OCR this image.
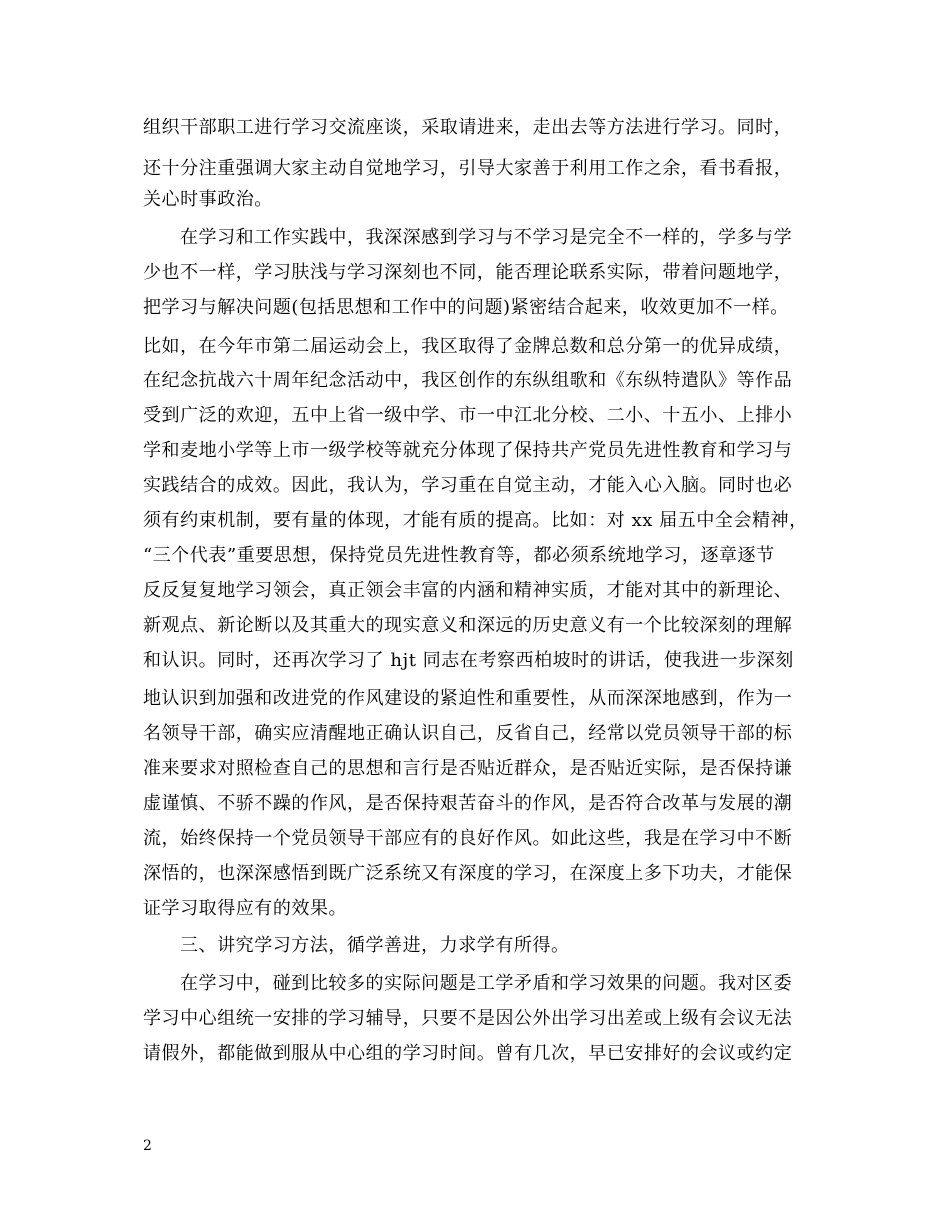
组织干部职工进行学习交流座谈，采取请进来，走出去等方法进行学习。同时，
还十分注重强调大家主动自觉地学习，引导大家善于利用工作之余，看书看报，
关心时事政治。
在学习和工作实践中，我深深感到学习与不学习是完全不一样的，学多与学
少也不一样，学习肤浅与学习深刻也不同，能否理论联系实际，带着问题地学，
把学习与解决问题(包括思想和工作中的问题)紧密结合起来，收效更加不一样。
比如，在今年市第二届运动会上，我区取得了金牌总数和总分第一的优异成绩，
在纪念抗战六十周年纪念活动中，我区创作的东纵组歌和《东纵特遣队》等作品
受到广泛的欢迎，五中上省一级中学、市一中江北分校、二小、十五小、上排小
学和麦地小学等上市一级学校等就充分体现了保持共产党员先进性教育和学习与
实践结合的成效。因此，我认为，学习重在自觉主动，才能入心入脑。同时也必
须有约束机制，要有量的体现，才能有质的提高。比如：对 xx 届五中全会精神，
“三个代表”重要思想，保持党员先进性教育等，都必须系统地学习，逐章逐节
反反复复地学习领会，真正领会丰富的内涵和精神实质，才能对其中的新理论、
新观点、新论断以及其重大的现实意义和深远的历史意义有一个比较深刻的理解
和认识。同时，还再次学习了 hjt 同志在考察西柏坡时的讲话，使我进一步深刻
地认识到加强和改进党的作风建设的紧迫性和重要性，从而深深地感到，作为一
名领导干部，确实应清醒地正确认识自己，反省自己，经常以党员领导干部的标
准来要求对照检查自己的思想和言行是否贴近群众，是否贴近实际，是否保持谦
虚谨慎、不骄不躁的作风，是否保持艰苦奋斗的作风，是否符合改革与发展的潮
流，始终保持一个党员领导干部应有的良好作风。如此这些，我是在学习中不断
深悟的，也深深感悟到既广泛系统又有深度的学习，在深度上多下功夫，才能保
证学习取得应有的效果。
三、讲究学习方法，循学善进，力求学有所得。
在学习中，碰到比较多的实际问题是工学矛盾和学习效果的问题。我对区委
学习中心组统一安排的学习辅导，只要不是因公外出学习出差或上级有会议无法
请假外，都能做到服从中心组的学习时间。曾有几次，早已安排好的会议或约定
2
